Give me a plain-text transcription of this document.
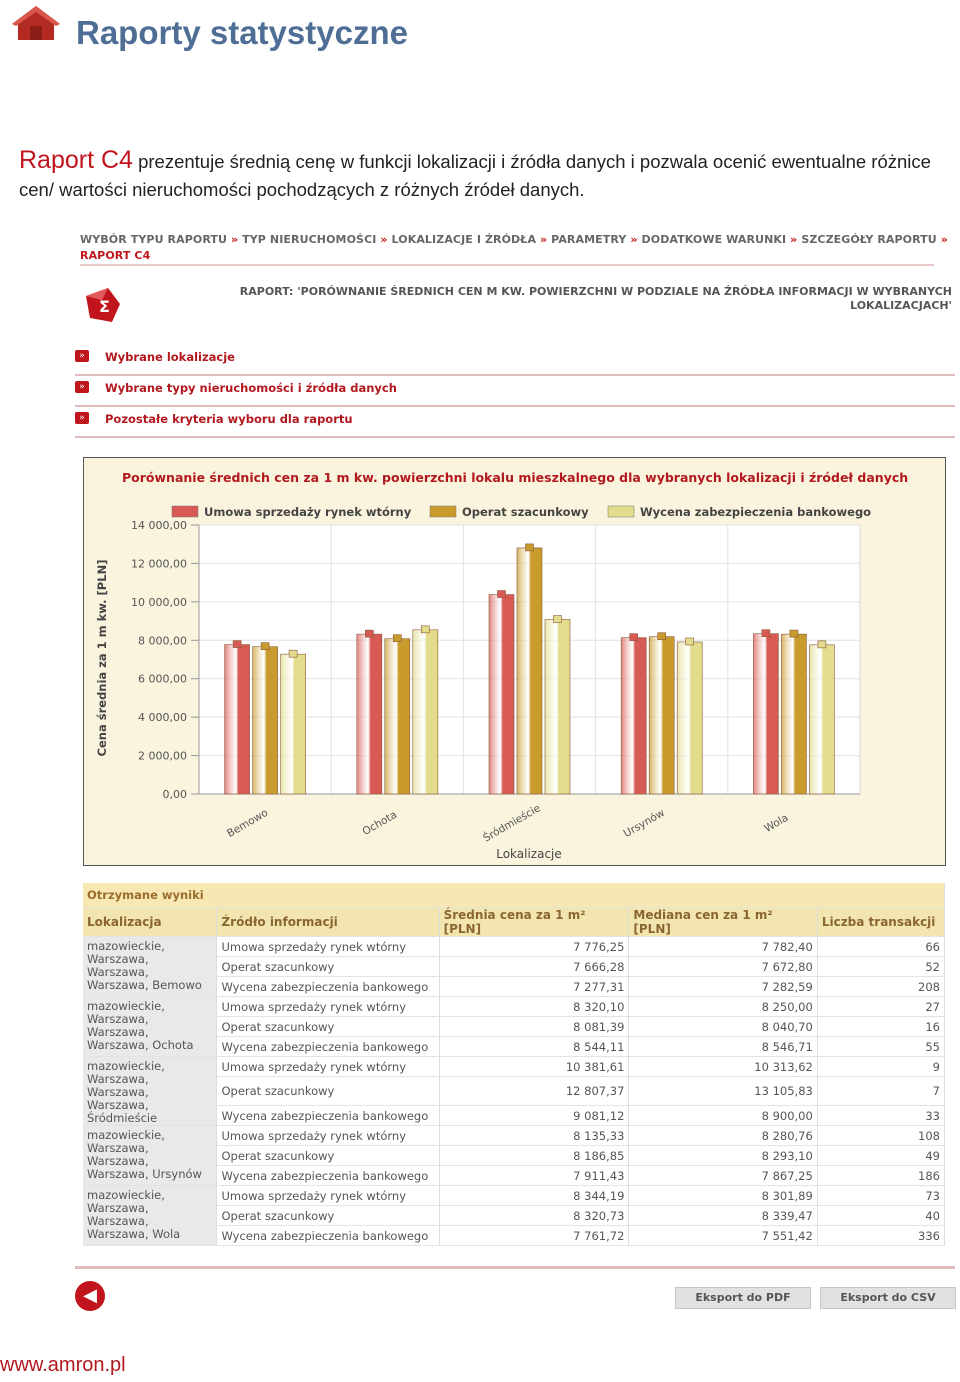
Raporty statystyczne
Raport C4 prezentuje średnią cenę w funkcji lokalizacji i źródła danych i pozwala ocenić ewentualne różnice cen/ wartości nieruchomości pochodzących z różnych źródeł danych.
WYBÓR TYPU RAPORTU » TYP NIERUCHOMOŚCI » LOKALIZACJE I ŹRÓDŁA » PARAMETRY » DODATKOWE WARUNKI » SZCZEGÓŁY RAPORTU » RAPORT C4
Σ
RAPORT: 'PORÓWNANIE ŚREDNICH CEN M KW. POWIERZCHNI W PODZIALE NA ŹRÓDŁA INFORMACJI W WYBRANYCH LOKALIZACJACH'
»	Wybrane lokalizacje
»	Wybrane typy nieruchomości i źródła danych
»	Pozostałe kryteria wyboru dla raportu
Porównanie średnich cen za 1 m kw. powierzchni lokalu mieszkalnego dla wybranych lokalizacji i źródeł danych
Umowa sprzedaży rynek wtórny	Operat szacunkowy	Wycena zabezpieczenia bankowego
0,00
2 000,00
4 000,00
6 000,00
8 000,00
10 000,00
12 000,00
14 000,00
Bemowo	Ochota	Śródmieście	Ursynów	Wola
Lokalizacje
Cena średnia za 1 m kw. [PLN]
Otrzymane wyniki				
Lokalizacja	Źródło informacji	Średnia cena za 1 m² [PLN]	Mediana cen za 1 m² [PLN]	Liczba transakcji

mazowieckie,
Warszawa,
Warszawa,
Warszawa, Bemowo	Umowa sprzedaży rynek wtórny	7 776,25	7 782,40	66
	Operat szacunkowy	7 666,28	7 672,80	52
	Wycena zabezpieczenia bankowego	7 277,31	7 282,59	208

mazowieckie,
Warszawa,
Warszawa,
Warszawa, Ochota	Umowa sprzedaży rynek wtórny	8 320,10	8 250,00	27
	Operat szacunkowy	8 081,39	8 040,70	16
	Wycena zabezpieczenia bankowego	8 544,11	8 546,71	55

mazowieckie,
Warszawa,
Warszawa,
Warszawa,
Śródmieście	Umowa sprzedaży rynek wtórny	10 381,61	10 313,62	9
	Operat szacunkowy	12 807,37	13 105,83	7
	Wycena zabezpieczenia bankowego	9 081,12	8 900,00	33

mazowieckie,
Warszawa,
Warszawa,
Warszawa, Ursynów	Umowa sprzedaży rynek wtórny	8 135,33	8 280,76	108
	Operat szacunkowy	8 186,85	8 293,10	49
	Wycena zabezpieczenia bankowego	7 911,43	7 867,25	186

mazowieckie,
Warszawa,
Warszawa,
Warszawa, Wola	Umowa sprzedaży rynek wtórny	8 344,19	8 301,89	73
	Operat szacunkowy	8 320,73	8 339,47	40
	Wycena zabezpieczenia bankowego	7 761,72	7 551,42	336
◀	Eksport do PDF	Eksport do CSV
www.amron.pl
